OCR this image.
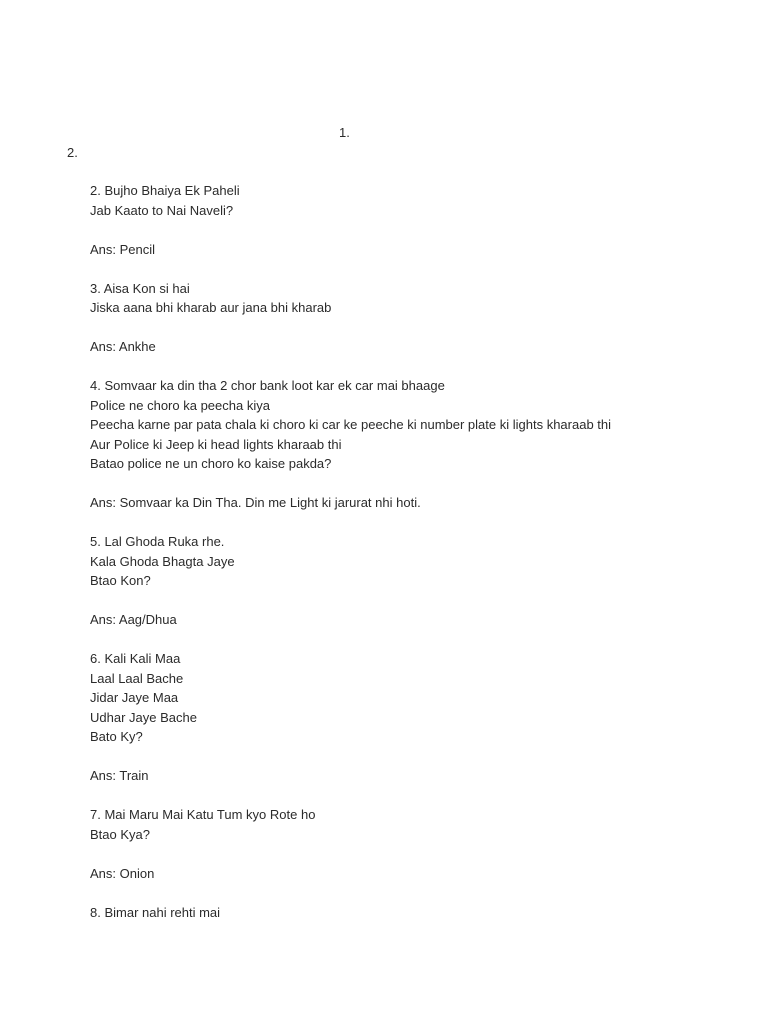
1.
2.
2. Bujho Bhaiya Ek Paheli
Jab Kaato to Nai Naveli?
Ans: Pencil
3. Aisa Kon si hai
Jiska aana bhi kharab aur jana bhi kharab
Ans: Ankhe
4. Somvaar ka din tha 2 chor bank loot kar ek car mai bhaage
Police ne choro ka peecha kiya
Peecha karne par pata chala ki choro ki car ke peeche ki number plate ki lights kharaab thi
Aur Police ki Jeep ki head lights kharaab thi
Batao police ne un choro ko kaise pakda?
Ans: Somvaar ka Din Tha. Din me Light ki jarurat nhi hoti.
5. Lal Ghoda Ruka rhe.
Kala Ghoda Bhagta Jaye
Btao Kon?
Ans: Aag/Dhua
6. Kali Kali Maa
Laal Laal Bache
Jidar Jaye Maa
Udhar Jaye Bache
Bato Ky?
Ans: Train
7. Mai Maru Mai Katu Tum kyo Rote ho
Btao Kya?
Ans: Onion
8. Bimar nahi rehti mai
